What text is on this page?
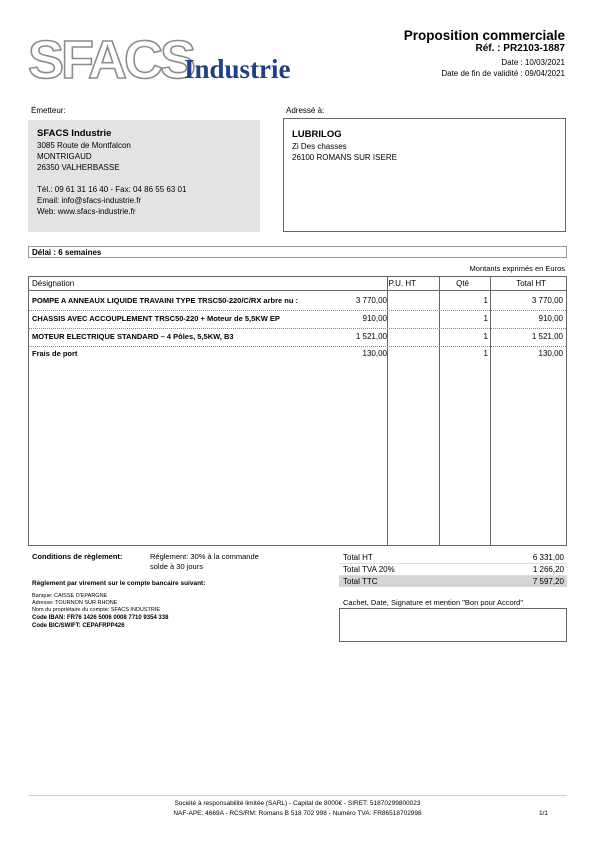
SFACS
Industrie
Proposition commerciale
Réf. : PR2103-1887
Date : 10/03/2021
Date de fin de validité : 09/04/2021
Émetteur:	Adressé à:
SFACS Industrie
3085 Route de Montfalcon
MONTRIGAUD
26350 VALHERBASSE
Tél.: 09 61 31 16 40 - Fax: 04 86 55 63 01
Email: info@sfacs-industrie.fr
Web: www.sfacs-industrie.fr
LUBRILOG
Zi Des chasses
26100 ROMANS SUR ISERE
Délai : 6 semaines
Montants exprimés en Euros
Désignation	P.U. HT	Qté	Total HT
POMPE A ANNEAUX LIQUIDE TRAVAINI TYPE TRSC50-220/C/RX arbre nu :	3 770,00	1	3 770,00
CHASSIS AVEC ACCOUPLEMENT TRSC50-220 + Moteur de 5,5KW EP	910,00	1	910,00
MOTEUR ELECTRIQUE STANDARD – 4 Pôles, 5,5KW, B3	1 521,00	1	1 521,00
Frais de port	130,00	1	130,00
Conditions de règlement:	Réglement: 30% à la commande
solde à 30 jours
Règlement par virement sur le compte bancaire suivant:
Banque: CAISSE D'EPARGNE
Adresse: TOURNON SUR RHONE
Nom du propriétaire du compte: SFACS INDUSTRIE
Code IBAN: FR76 1426 5006 0008 7710 9354 338
Code BIC/SWIFT: CEPAFRPP426
Total HT	6 331,00
Total TVA 20%	1 266,20
Total TTC	7 597,20
Cachet, Date, Signature et mention "Bon pour Accord"
Société à responsabilité limitée (SARL) - Capital de 8000€ - SIRET: 51870299800023
NAF-APE: 4669A - RCS/RM: Romans B 518 702 998 - Numéro TVA: FR86518702998	1/1
